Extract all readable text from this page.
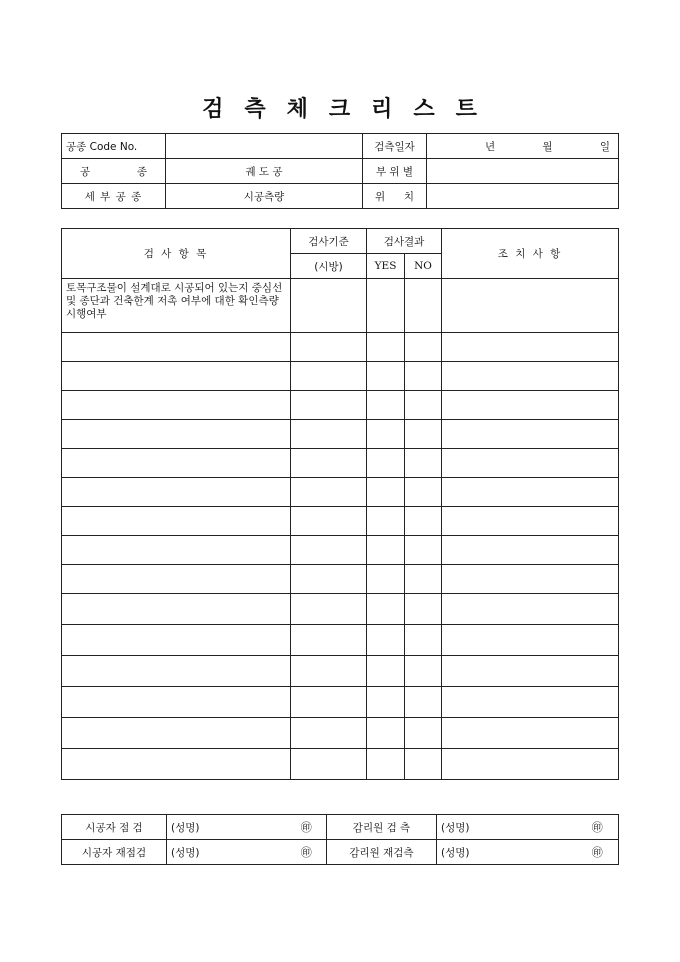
검 측 체 크 리 스 트
공종 Code No.		검측일자	년 월 일

공 종	궤 도 공	부 위 별	
세 부 공 종	시공측량	위 치	

검 사 항 목	검사기준	검사결과		조 치 사 항
	(시방)	YES	NO	
토목구조물이 설계대로 시공되어 있는지 중심선 및 종단과 건축한계 저촉 여부에 대한 확인측량 시행여부				

시공자 점 검	(성명)	㊞	감리원 검 측	(성명)	㊞
시공자 재점검	(성명)	㊞	감리원 재검측	(성명)	㊞
